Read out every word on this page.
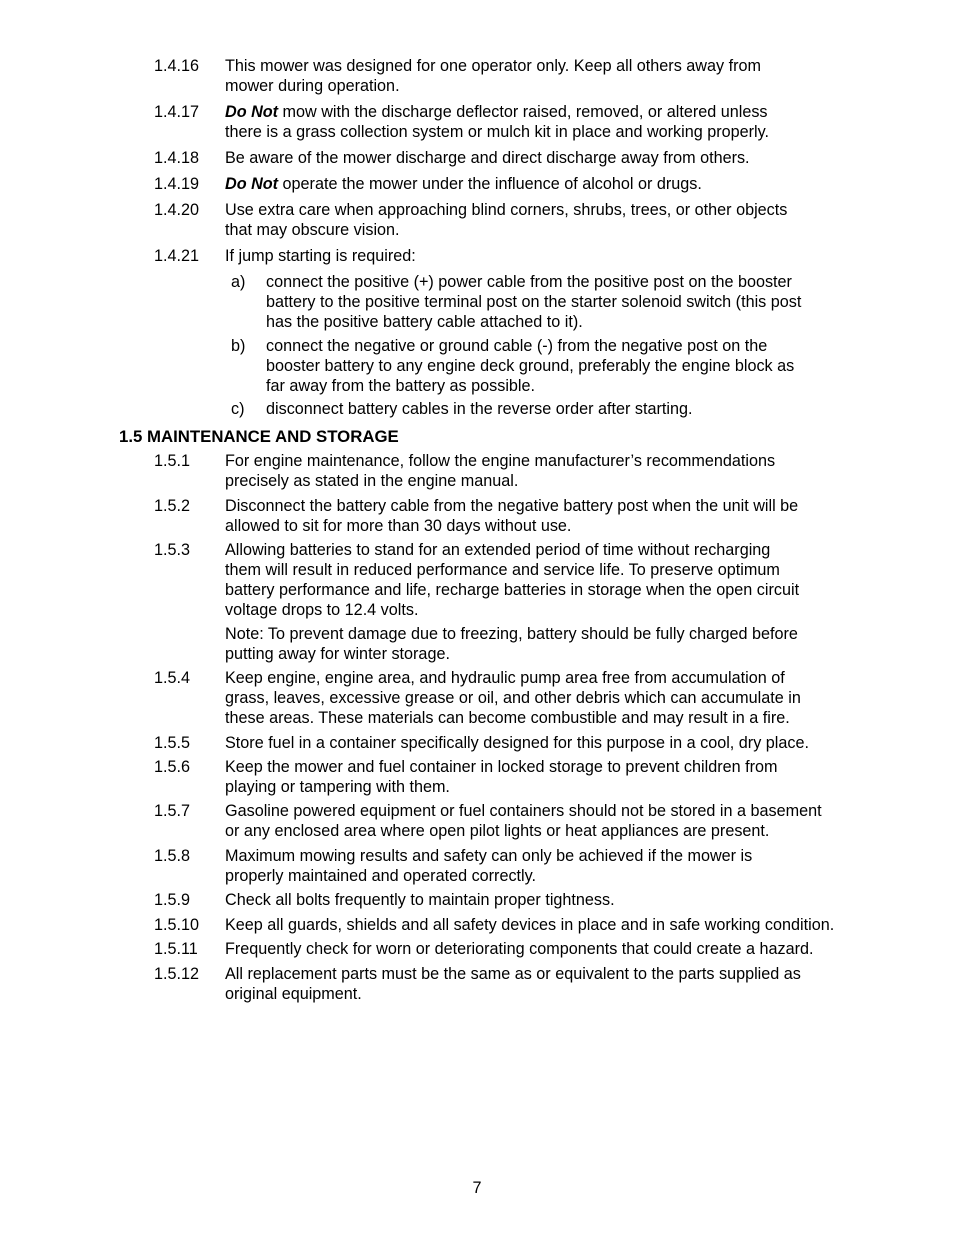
1.4.16 This mower was designed for one operator only. Keep all others away from
mower during operation.
1.4.17 Do Not mow with the discharge deflector raised, removed, or altered unless
there is a grass collection system or mulch kit in place and working properly.
1.4.18 Be aware of the mower discharge and direct discharge away from others.
1.4.19 Do Not operate the mower under the influence of alcohol or drugs.
1.4.20 Use extra care when approaching blind corners, shrubs, trees, or other objects
that may obscure vision.
1.4.21 If jump starting is required:
a) connect the positive (+) power cable from the positive post on the booster
battery to the positive terminal post on the starter solenoid switch (this post
has the positive battery cable attached to it).
b) connect the negative or ground cable (-) from the negative post on the
booster battery to any engine deck ground, preferably the engine block as
far away from the battery as possible.
c) disconnect battery cables in the reverse order after starting.
1.5 MAINTENANCE AND STORAGE
1.5.1 For engine maintenance, follow the engine manufacturer’s recommendations
precisely as stated in the engine manual.
1.5.2 Disconnect the battery cable from the negative battery post when the unit will be
allowed to sit for more than 30 days without use.
1.5.3 Allowing batteries to stand for an extended period of time without recharging
them will result in reduced performance and service life. To preserve optimum
battery performance and life, recharge batteries in storage when the open circuit
voltage drops to 12.4 volts.
Note: To prevent damage due to freezing, battery should be fully charged before
putting away for winter storage.
1.5.4 Keep engine, engine area, and hydraulic pump area free from accumulation of
grass, leaves, excessive grease or oil, and other debris which can accumulate in
these areas. These materials can become combustible and may result in a fire.
1.5.5 Store fuel in a container specifically designed for this purpose in a cool, dry place.
1.5.6 Keep the mower and fuel container in locked storage to prevent children from
playing or tampering with them.
1.5.7 Gasoline powered equipment or fuel containers should not be stored in a basement
or any enclosed area where open pilot lights or heat appliances are present.
1.5.8 Maximum mowing results and safety can only be achieved if the mower is
properly maintained and operated correctly.
1.5.9 Check all bolts frequently to maintain proper tightness.
1.5.10 Keep all guards, shields and all safety devices in place and in safe working condition.
1.5.11 Frequently check for worn or deteriorating components that could create a hazard.
1.5.12 All replacement parts must be the same as or equivalent to the parts supplied as
original equipment.
7
